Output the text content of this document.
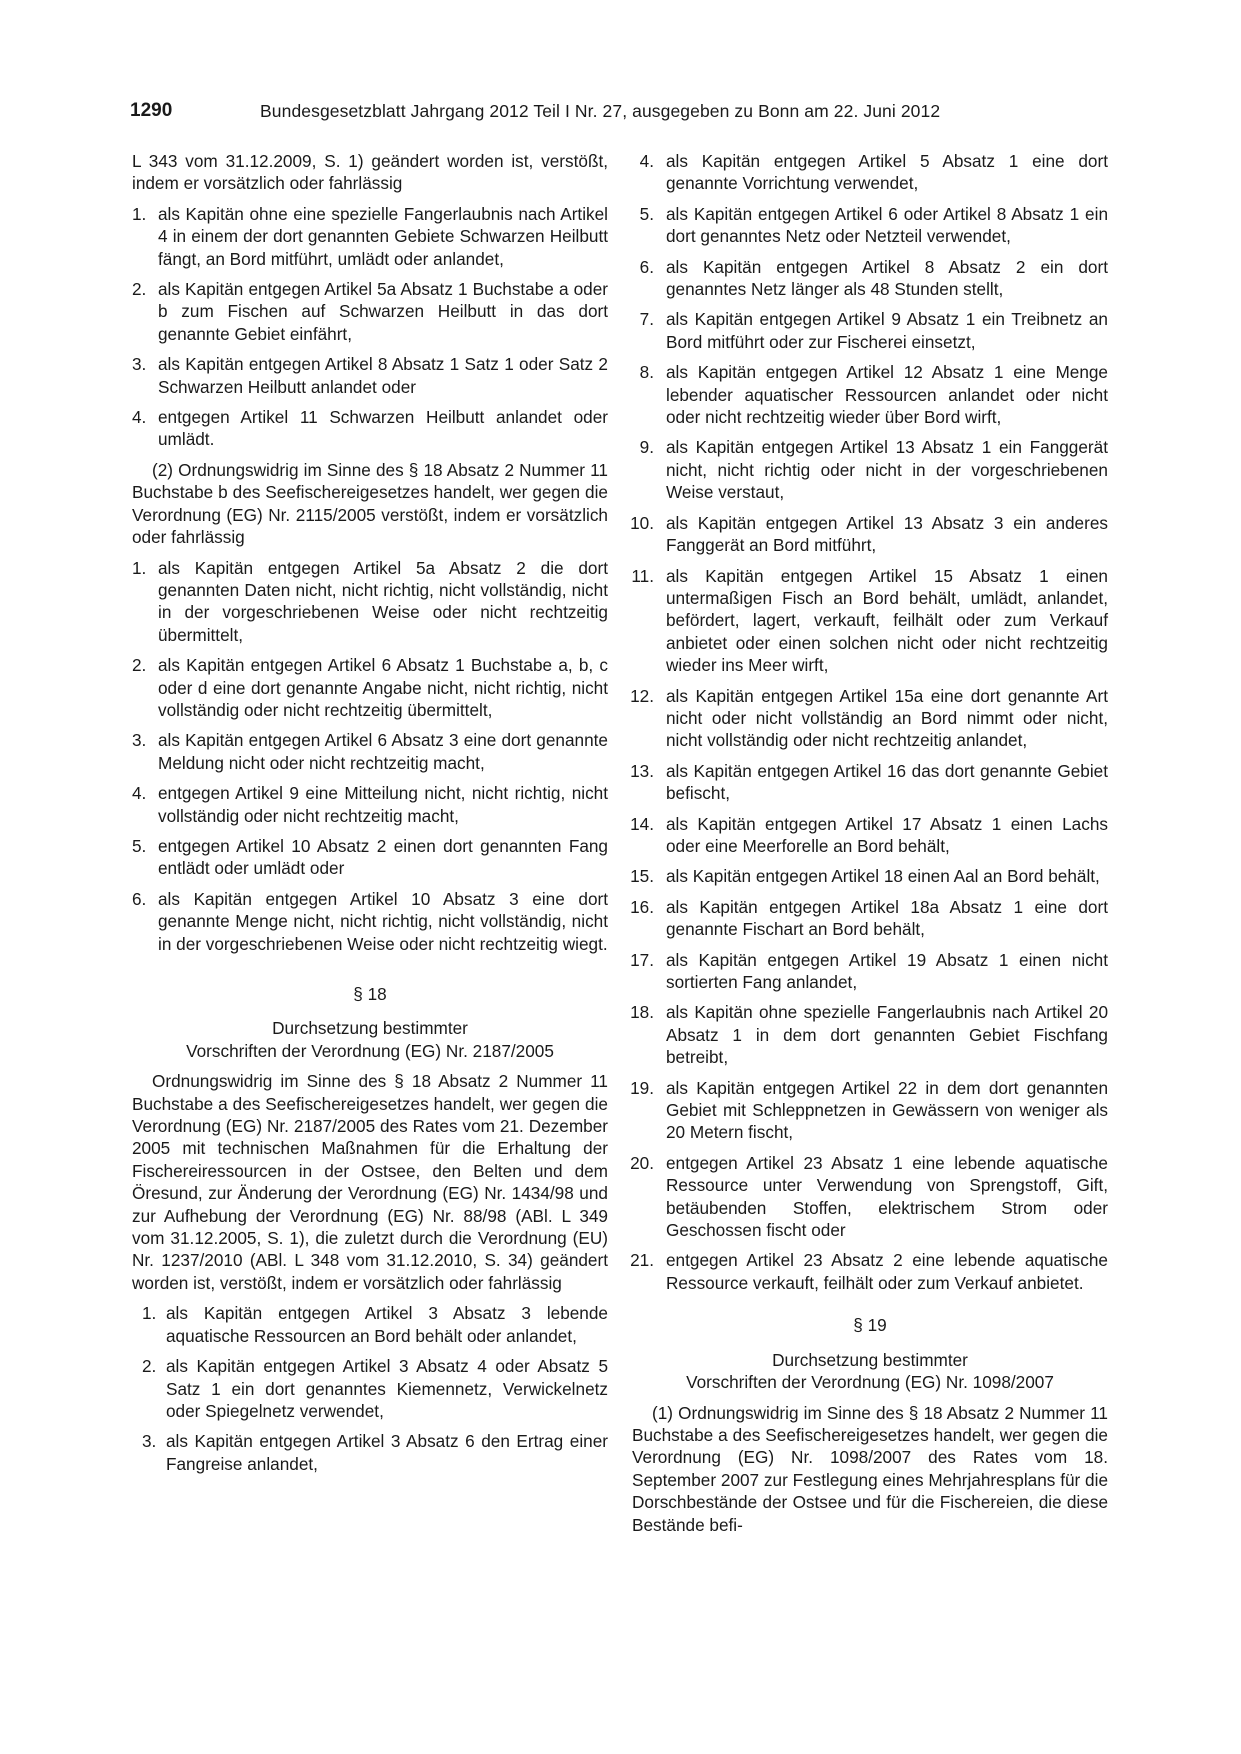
1290	Bundesgesetzblatt Jahrgang 2012 Teil I Nr. 27, ausgegeben zu Bonn am 22. Juni 2012

L 343 vom 31.12.2009, S. 1) geändert worden ist, verstößt, indem er vorsätzlich oder fahrlässig

1. als Kapitän ohne eine spezielle Fangerlaubnis nach Artikel 4 in einem der dort genannten Gebiete Schwarzen Heilbutt fängt, an Bord mitführt, umlädt oder anlandet,
2. als Kapitän entgegen Artikel 5a Absatz 1 Buchstabe a oder b zum Fischen auf Schwarzen Heilbutt in das dort genannte Gebiet einfährt,
3. als Kapitän entgegen Artikel 8 Absatz 1 Satz 1 oder Satz 2 Schwarzen Heilbutt anlandet oder
4. entgegen Artikel 11 Schwarzen Heilbutt anlandet oder umlädt.

(2) Ordnungswidrig im Sinne des § 18 Absatz 2 Nummer 11 Buchstabe b des Seefischereigesetzes handelt, wer gegen die Verordnung (EG) Nr. 2115/2005 verstößt, indem er vorsätzlich oder fahrlässig

1. als Kapitän entgegen Artikel 5a Absatz 2 die dort genannten Daten nicht, nicht richtig, nicht vollständig, nicht in der vorgeschriebenen Weise oder nicht rechtzeitig übermittelt,
2. als Kapitän entgegen Artikel 6 Absatz 1 Buchstabe a, b, c oder d eine dort genannte Angabe nicht, nicht richtig, nicht vollständig oder nicht rechtzeitig übermittelt,
3. als Kapitän entgegen Artikel 6 Absatz 3 eine dort genannte Meldung nicht oder nicht rechtzeitig macht,
4. entgegen Artikel 9 eine Mitteilung nicht, nicht richtig, nicht vollständig oder nicht rechtzeitig macht,
5. entgegen Artikel 10 Absatz 2 einen dort genannten Fang entlädt oder umlädt oder
6. als Kapitän entgegen Artikel 10 Absatz 3 eine dort genannte Menge nicht, nicht richtig, nicht vollständig, nicht in der vorgeschriebenen Weise oder nicht rechtzeitig wiegt.
§ 18
Durchsetzung bestimmter
Vorschriften der Verordnung (EG) Nr. 2187/2005

Ordnungswidrig im Sinne des § 18 Absatz 2 Nummer 11 Buchstabe a des Seefischereigesetzes handelt, wer gegen die Verordnung (EG) Nr. 2187/2005 des Rates vom 21. Dezember 2005 mit technischen Maßnahmen für die Erhaltung der Fischereiressourcen in der Ostsee, den Belten und dem Öresund, zur Änderung der Verordnung (EG) Nr. 1434/98 und zur Aufhebung der Verordnung (EG) Nr. 88/98 (ABl. L 349 vom 31.12.2005, S. 1), die zuletzt durch die Verordnung (EU) Nr. 1237/2010 (ABl. L 348 vom 31.12.2010, S. 34) geändert worden ist, verstößt, indem er vorsätzlich oder fahrlässig

1. als Kapitän entgegen Artikel 3 Absatz 3 lebende aquatische Ressourcen an Bord behält oder anlandet,
2. als Kapitän entgegen Artikel 3 Absatz 4 oder Absatz 5 Satz 1 ein dort genanntes Kiemennetz, Verwickelnetz oder Spiegelnetz verwendet,
3. als Kapitän entgegen Artikel 3 Absatz 6 den Ertrag einer Fangreise anlandet,
4. als Kapitän entgegen Artikel 5 Absatz 1 eine dort genannte Vorrichtung verwendet,
5. als Kapitän entgegen Artikel 6 oder Artikel 8 Absatz 1 ein dort genanntes Netz oder Netzteil verwendet,
6. als Kapitän entgegen Artikel 8 Absatz 2 ein dort genanntes Netz länger als 48 Stunden stellt,
7. als Kapitän entgegen Artikel 9 Absatz 1 ein Treibnetz an Bord mitführt oder zur Fischerei einsetzt,
8. als Kapitän entgegen Artikel 12 Absatz 1 eine Menge lebender aquatischer Ressourcen anlandet oder nicht oder nicht rechtzeitig wieder über Bord wirft,
9. als Kapitän entgegen Artikel 13 Absatz 1 ein Fanggerät nicht, nicht richtig oder nicht in der vorgeschriebenen Weise verstaut,
10. als Kapitän entgegen Artikel 13 Absatz 3 ein anderes Fanggerät an Bord mitführt,
11. als Kapitän entgegen Artikel 15 Absatz 1 einen untermaßigen Fisch an Bord behält, umlädt, anlandet, befördert, lagert, verkauft, feilhält oder zum Verkauf anbietet oder einen solchen nicht oder nicht rechtzeitig wieder ins Meer wirft,
12. als Kapitän entgegen Artikel 15a eine dort genannte Art nicht oder nicht vollständig an Bord nimmt oder nicht, nicht vollständig oder nicht rechtzeitig anlandet,
13. als Kapitän entgegen Artikel 16 das dort genannte Gebiet befischt,
14. als Kapitän entgegen Artikel 17 Absatz 1 einen Lachs oder eine Meerforelle an Bord behält,
15. als Kapitän entgegen Artikel 18 einen Aal an Bord behält,
16. als Kapitän entgegen Artikel 18a Absatz 1 eine dort genannte Fischart an Bord behält,
17. als Kapitän entgegen Artikel 19 Absatz 1 einen nicht sortierten Fang anlandet,
18. als Kapitän ohne spezielle Fangerlaubnis nach Artikel 20 Absatz 1 in dem dort genannten Gebiet Fischfang betreibt,
19. als Kapitän entgegen Artikel 22 in dem dort genannten Gebiet mit Schleppnetzen in Gewässern von weniger als 20 Metern fischt,
20. entgegen Artikel 23 Absatz 1 eine lebende aquatische Ressource unter Verwendung von Sprengstoff, Gift, betäubenden Stoffen, elektrischem Strom oder Geschossen fischt oder
21. entgegen Artikel 23 Absatz 2 eine lebende aquatische Ressource verkauft, feilhält oder zum Verkauf anbietet.
§ 19
Durchsetzung bestimmter
Vorschriften der Verordnung (EG) Nr. 1098/2007

(1) Ordnungswidrig im Sinne des § 18 Absatz 2 Nummer 11 Buchstabe a des Seefischereigesetzes handelt, wer gegen die Verordnung (EG) Nr. 1098/2007 des Rates vom 18. September 2007 zur Festlegung eines Mehrjahresplans für die Dorschbestände der Ostsee und für die Fischereien, die diese Bestände befi-
